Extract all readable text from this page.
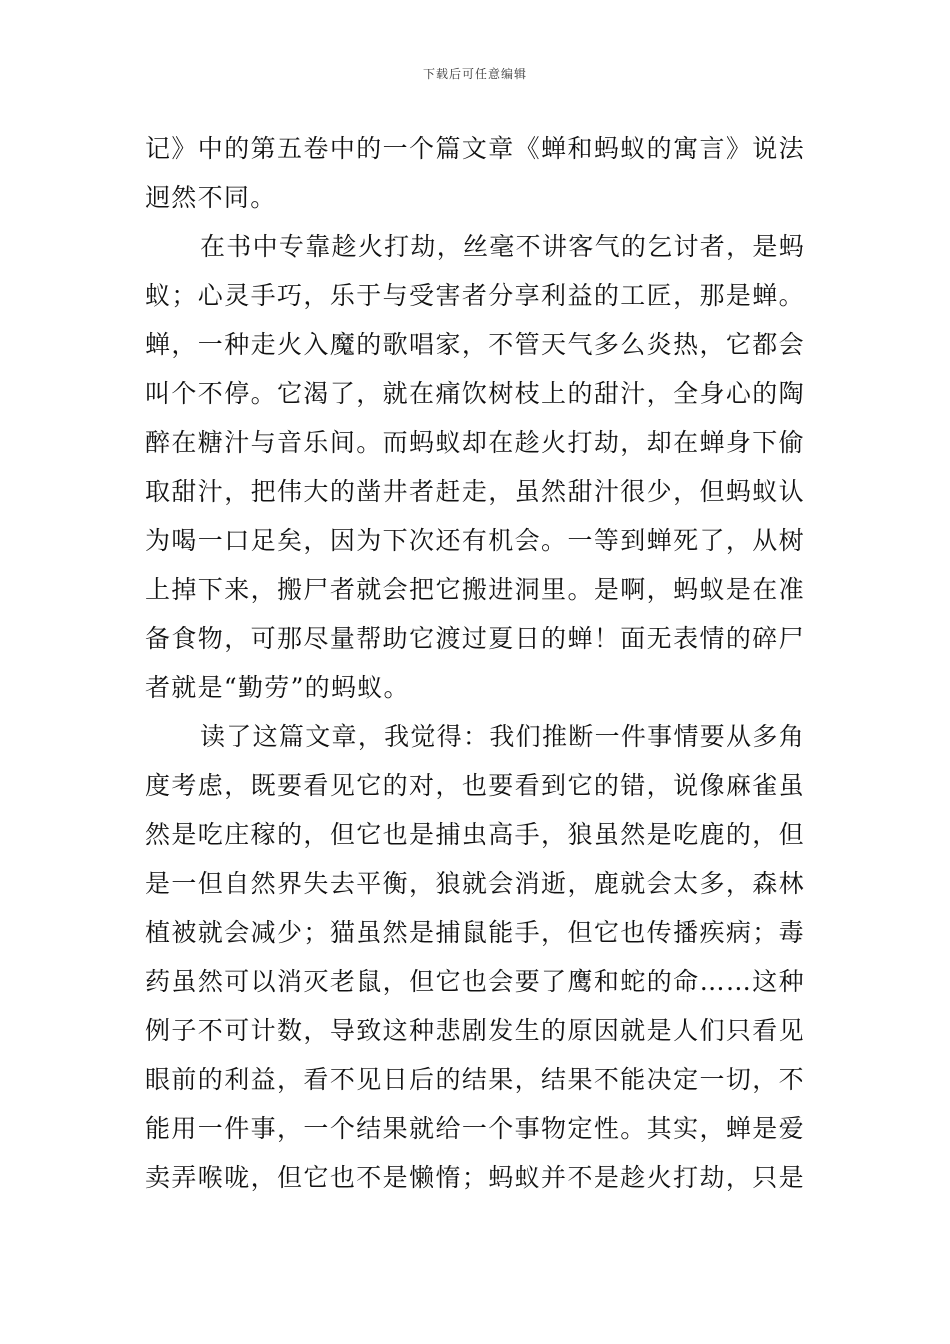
下载后可任意编辑
记》中的第五卷中的一个篇文章《蝉和蚂蚁的寓言》说法
迥然不同。
在书中专靠趁火打劫，丝毫不讲客气的乞讨者，是蚂
蚁；心灵手巧，乐于与受害者分享利益的工匠，那是蝉。
蝉，一种走火入魔的歌唱家，不管天气多么炎热，它都会
叫个不停。它渴了，就在痛饮树枝上的甜汁，全身心的陶
醉在糖汁与音乐间。而蚂蚁却在趁火打劫，却在蝉身下偷
取甜汁，把伟大的凿井者赶走，虽然甜汁很少，但蚂蚁认
为喝一口足矣，因为下次还有机会。一等到蝉死了，从树
上掉下来，搬尸者就会把它搬进洞里。是啊，蚂蚁是在准
备食物，可那尽量帮助它渡过夏日的蝉！面无表情的碎尸
者就是“勤劳”的蚂蚁。
读了这篇文章，我觉得：我们推断一件事情要从多角
度考虑，既要看见它的对，也要看到它的错，说像麻雀虽
然是吃庄稼的，但它也是捕虫高手，狼虽然是吃鹿的，但
是一但自然界失去平衡，狼就会消逝，鹿就会太多，森林
植被就会减少；猫虽然是捕鼠能手，但它也传播疾病；毒
药虽然可以消灭老鼠，但它也会要了鹰和蛇的命……这种
例子不可计数，导致这种悲剧发生的原因就是人们只看见
眼前的利益，看不见日后的结果，结果不能决定一切，不
能用一件事，一个结果就给一个事物定性。其实，蝉是爱
卖弄喉咙，但它也不是懒惰；蚂蚁并不是趁火打劫，只是
